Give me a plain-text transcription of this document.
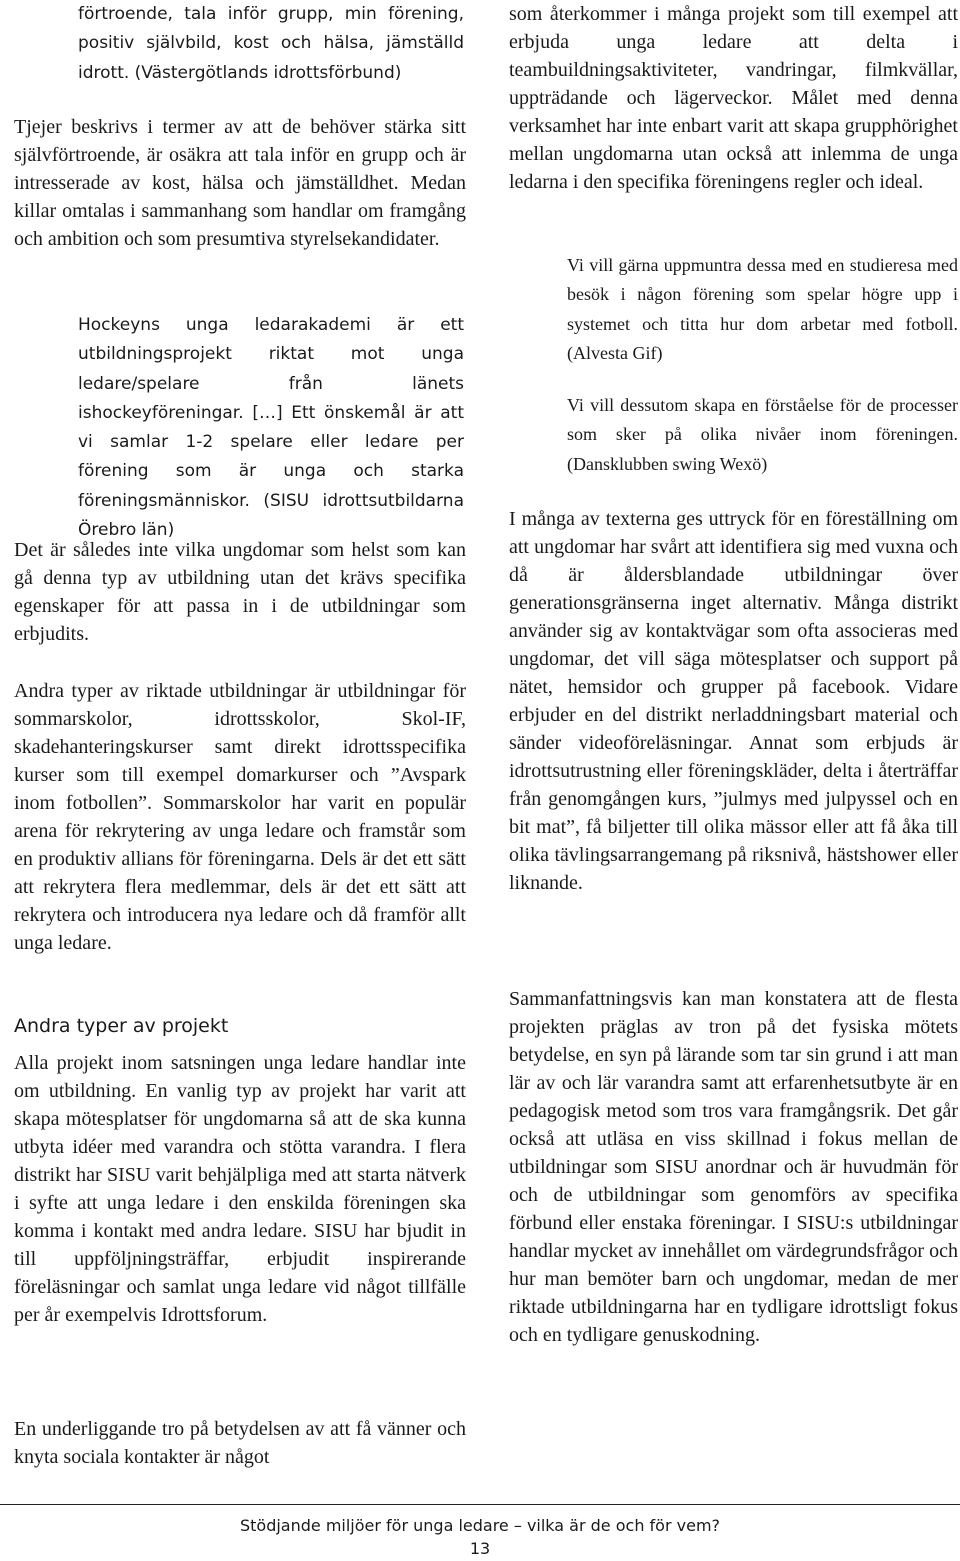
förtroende, tala inför grupp, min förening, positiv självbild, kost och hälsa, jämställd idrott. (Västergötlands idrottsförbund)

Tjejer beskrivs i termer av att de behöver stärka sitt självförtroende, är osäkra att tala inför en grupp och är intresserade av kost, hälsa och jämställdhet. Medan killar omtalas i sammanhang som handlar om framgång och ambition och som presumtiva styrelsekandidater.

Hockeyns unga ledarakademi är ett utbildningsprojekt riktat mot unga ledare/spelare från länets ishockeyföreningar. […] Ett önskemål är att vi samlar 1-2 spelare eller ledare per förening som är unga och starka föreningsmänniskor. (SISU idrottsutbildarna Örebro län)

Det är således inte vilka ungdomar som helst som kan gå denna typ av utbildning utan det krävs specifika egenskaper för att passa in i de utbildningar som erbjudits.

Andra typer av riktade utbildningar är utbildningar för sommarskolor, idrottsskolor, Skol-IF, skadehanteringskurser samt direkt idrottsspecifika kurser som till exempel domarkurser och ”Avspark inom fotbollen”. Sommarskolor har varit en populär arena för rekrytering av unga ledare och framstår som en produktiv allians för föreningarna. Dels är det ett sätt att rekrytera flera medlemmar, dels är det ett sätt att rekrytera och introducera nya ledare och då framför allt unga ledare.

Andra typer av projekt

Alla projekt inom satsningen unga ledare handlar inte om utbildning. En vanlig typ av projekt har varit att skapa mötesplatser för ungdomarna så att de ska kunna utbyta idéer med varandra och stötta varandra. I flera distrikt har SISU varit behjälpliga med att starta nätverk i syfte att unga ledare i den enskilda föreningen ska komma i kontakt med andra ledare. SISU har bjudit in till uppföljningsträffar, erbjudit inspirerande föreläsningar och samlat unga ledare vid något tillfälle per år exempelvis Idrottsforum.

En underliggande tro på betydelsen av att få vänner och knyta sociala kontakter är något

som återkommer i många projekt som till exempel att erbjuda unga ledare att delta i teambuildningsaktiviteter, vandringar, filmkvällar, uppträdande och lägerveckor. Målet med denna verksamhet har inte enbart varit att skapa grupphörighet mellan ungdomarna utan också att inlemma de unga ledarna i den specifika föreningens regler och ideal.

Vi vill gärna uppmuntra dessa med en studieresa med besök i någon förening som spelar högre upp i systemet och titta hur dom arbetar med fotboll. (Alvesta Gif)

Vi vill dessutom skapa en förståelse för de processer som sker på olika nivåer inom föreningen. (Dansklubben swing Wexö)

I många av texterna ges uttryck för en föreställning om att ungdomar har svårt att identifiera sig med vuxna och då är åldersblandade utbildningar över generationsgränserna inget alternativ. Många distrikt använder sig av kontaktvägar som ofta associeras med ungdomar, det vill säga mötesplatser och support på nätet, hemsidor och grupper på facebook. Vidare erbjuder en del distrikt nerladdningsbart material och sänder videoföreläsningar. Annat som erbjuds är idrottsutrustning eller föreningskläder, delta i återträffar från genomgången kurs, ”julmys med julpyssel och en bit mat”, få biljetter till olika mässor eller att få åka till olika tävlingsarrangemang på riksnivå, hästshower eller liknande.

Sammanfattningsvis kan man konstatera att de flesta projekten präglas av tron på det fysiska mötets betydelse, en syn på lärande som tar sin grund i att man lär av och lär varandra samt att erfarenhetsutbyte är en pedagogisk metod som tros vara framgångsrik. Det går också att utläsa en viss skillnad i fokus mellan de utbildningar som SISU anordnar och är huvudmän för och de utbildningar som genomförs av specifika förbund eller enstaka föreningar. I SISU:s utbildningar handlar mycket av innehållet om värdegrundsfrågor och hur man bemöter barn och ungdomar, medan de mer riktade utbildningarna har en tydligare idrottsligt fokus och en tydligare genuskodning.

Stödjande miljöer för unga ledare – vilka är de och för vem?
13
